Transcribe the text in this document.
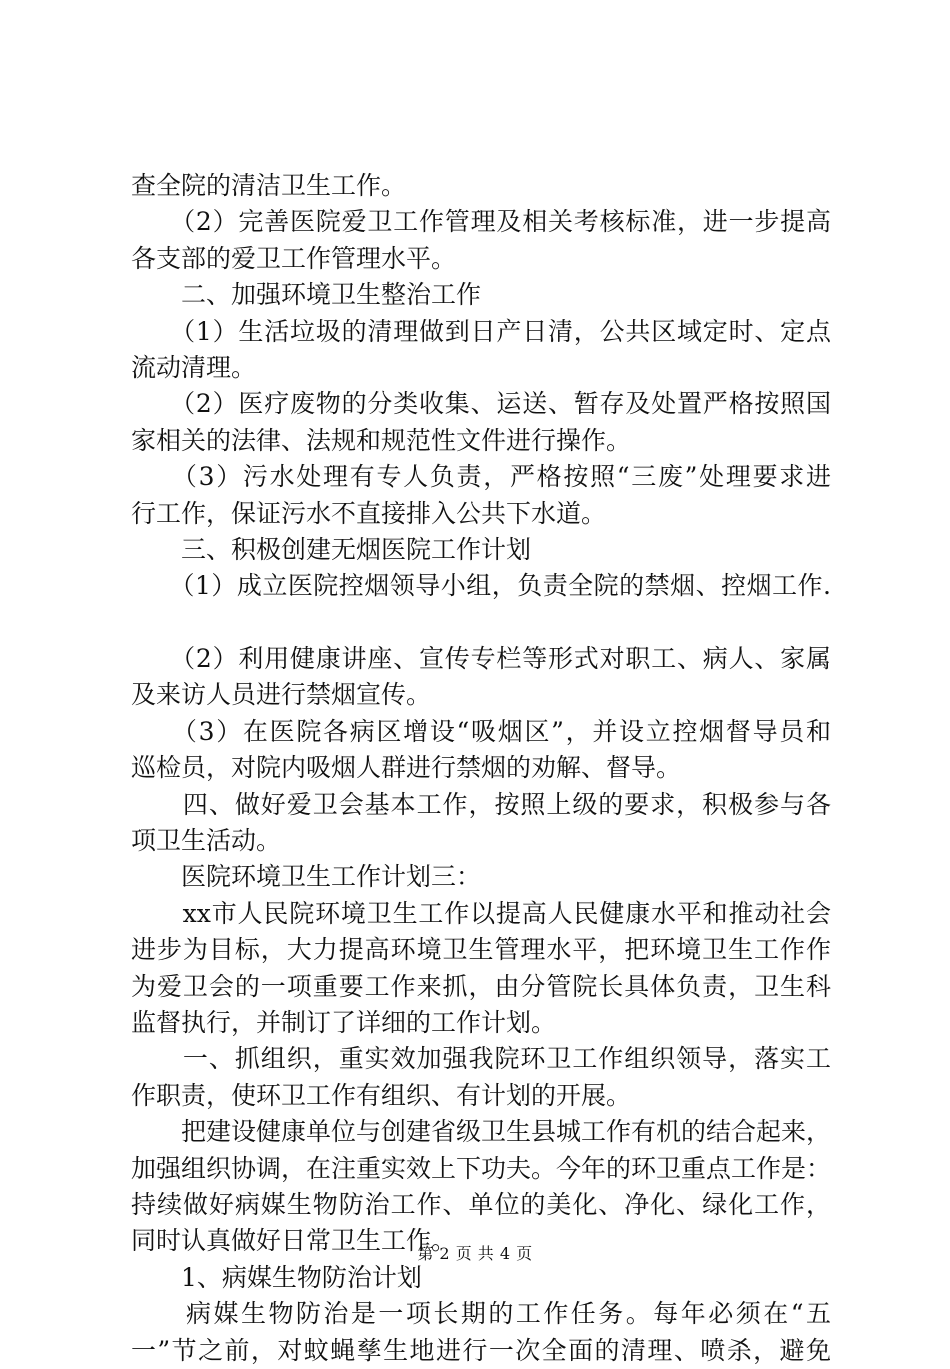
查全院的清洁卫生工作。
　　（2）完善医院爱卫工作管理及相关考核标准，进一步提高
各支部的爱卫工作管理水平。
　　二、加强环境卫生整治工作
　　（1）生活垃圾的清理做到日产日清，公共区域定时、定点
流动清理。
　　（2）医疗废物的分类收集、运送、暂存及处置严格按照国
家相关的法律、法规和规范性文件进行操作。
　　（3）污水处理有专人负责，严格按照“三废”处理要求进
行工作，保证污水不直接排入公共下水道。
　　三、积极创建无烟医院工作计划
　　（1）成立医院控烟领导小组，负责全院的禁烟、控烟工作.
　　（2）利用健康讲座、宣传专栏等形式对职工、病人、家属
及来访人员进行禁烟宣传。
　　（3）在医院各病区增设“吸烟区”，并设立控烟督导员和
巡检员，对院内吸烟人群进行禁烟的劝解、督导。
　　四、做好爱卫会基本工作，按照上级的要求，积极参与各
项卫生活动。
　　医院环境卫生工作计划三：
　　xx市人民院环境卫生工作以提高人民健康水平和推动社会
进步为目标，大力提高环境卫生管理水平，把环境卫生工作作
为爱卫会的一项重要工作来抓，由分管院长具体负责，卫生科
监督执行，并制订了详细的工作计划。
　　一、抓组织，重实效加强我院环卫工作组织领导，落实工
作职责，使环卫工作有组织、有计划的开展。
　　把建设健康单位与创建省级卫生县城工作有机的结合起来，
加强组织协调，在注重实效上下功夫。今年的环卫重点工作是：
持续做好病媒生物防治工作、单位的美化、净化、绿化工作，
同时认真做好日常卫生工作。
　　1、病媒生物防治计划
　　病媒生物防治是一项长期的工作任务。每年必须在“五
一”节之前，对蚊蝇孳生地进行一次全面的清理、喷杀，避免
第 2 页 共 4 页
